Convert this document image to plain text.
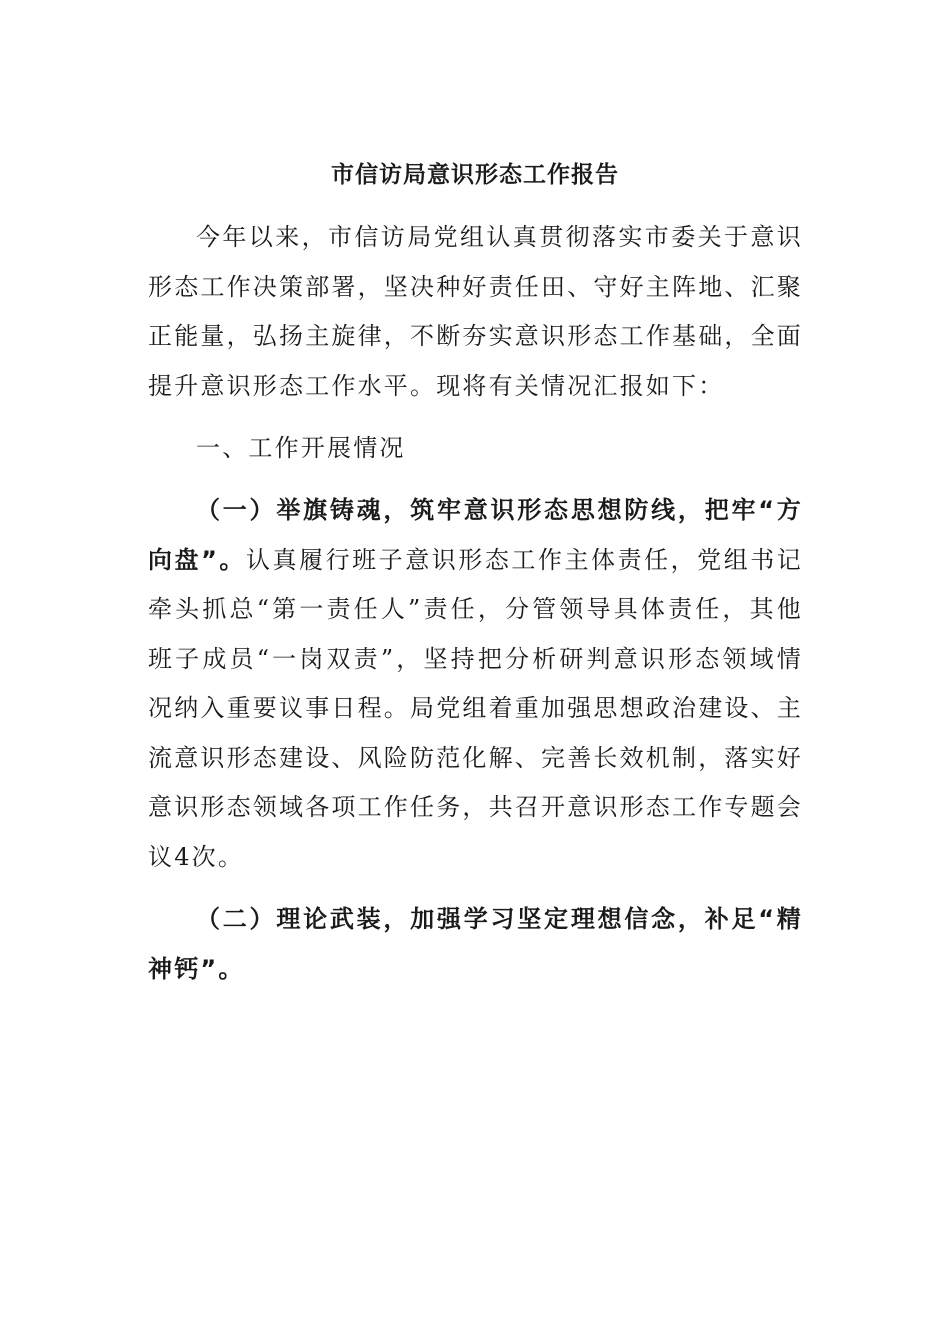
市信访局意识形态工作报告

今年以来，市信访局党组认真贯彻落实市委关于意识形态工作决策部署，坚决种好责任田、守好主阵地、汇聚正能量，弘扬主旋律，不断夯实意识形态工作基础，全面提升意识形态工作水平。现将有关情况汇报如下：

一、工作开展情况

（一）举旗铸魂，筑牢意识形态思想防线，把牢“方向盘”。认真履行班子意识形态工作主体责任，党组书记牵头抓总“第一责任人”责任，分管领导具体责任，其他班子成员“一岗双责”，坚持把分析研判意识形态领域情况纳入重要议事日程。局党组着重加强思想政治建设、主流意识形态建设、风险防范化解、完善长效机制，落实好意识形态领域各项工作任务，共召开意识形态工作专题会议4次。

（二）理论武装，加强学习坚定理想信念，补足“精神钙”。
